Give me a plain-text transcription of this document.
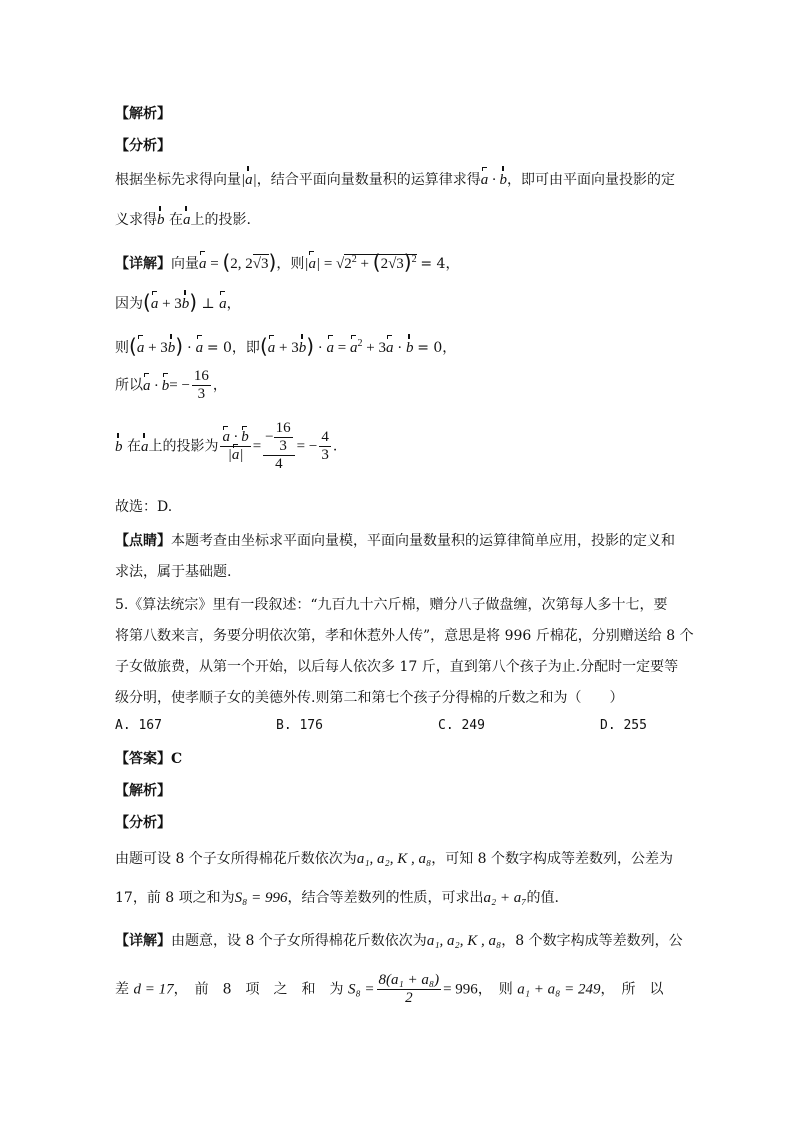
【解析】
【分析】
根据坐标先求得向量|a|，结合平面向量数量积的运算律求得a · b，即可由平面向量投影的定
义求得b 在a上的投影.
【详解】向量a = (2, 2√3)，则$|a| = √2^2 + (2√3)^2 = 4$，
因为(a + 3b) ⊥ a，
则(a + 3b) · a = 0，即$(a + 3b) \cdot a = a^2 + 3a \cdot b = 0$，
所以$a \cdot b= - \frac{16}{3}$ ，
b 在a上的投影为 $\frac{a \cdot b}{|a|} = \frac{- \frac{16}{3}}{4}$ = − $\frac{4}{3}$ .
故选：D.
【点睛】本题考查由坐标求平面向量模，平面向量数量积的运算律简单应用，投影的定义和
求法，属于基础题.
5.《算法统宗》里有一段叙述：“九百九十六斤棉，赠分八子做盘缠，次第每人多十七，要
将第八数来言，务要分明依次第，孝和休惹外人传”，意思是将 996 斤棉花，分别赠送给 8 个
子女做旅费，从第一个开始，以后每人依次多 17 斤，直到第八个孩子为止.分配时一定要等
级分明，使孝顺子女的美德外传.则第二和第七个孩子分得棉的斤数之和为（　　）
A. 167	B. 176	C. 249	D. 255
【答案】C
【解析】
【分析】
由题可设 8 个子女所得棉花斤数依次为a₁, a₂, K , a₈，可知 8 个数字构成等差数列，公差为
17，前 8 项之和为S₈ = 996，结合等差数列的性质，可求出a₂ + a₇的值.
【详解】由题意，设 8 个子女所得棉花斤数依次为a₁, a₂, K , a₈，8 个数字构成等差数列，公
差 d = 17，　前　8　项　之　和　为 $S_8 = \frac{\text{8(a₁ + a₈)}}{2} = 996$，　则 a₁ + a₈ = 249，　所　以
